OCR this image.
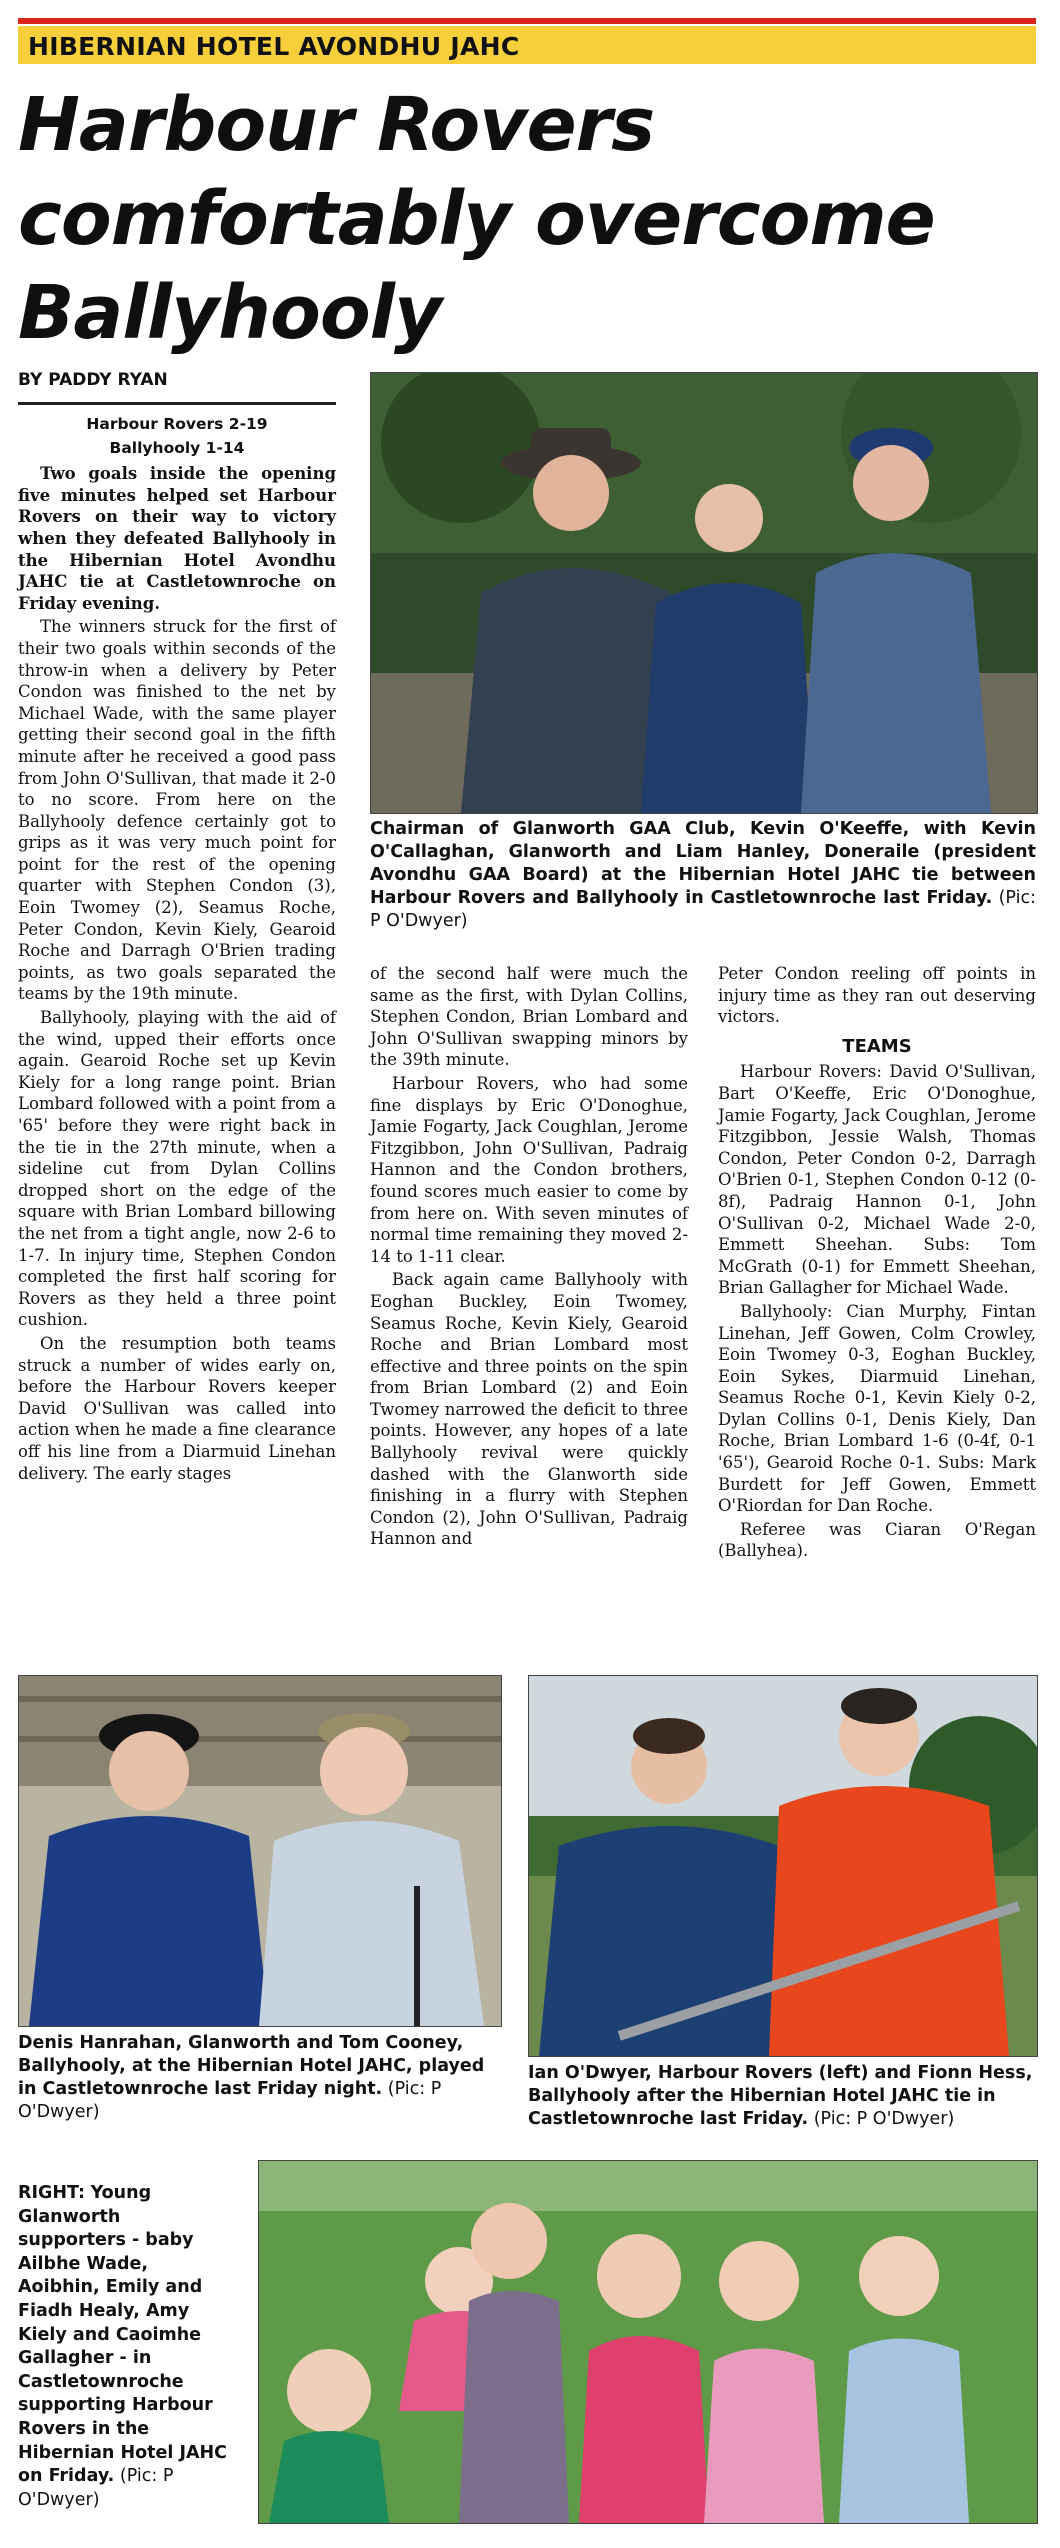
HIBERNIAN HOTEL AVONDHU JAHC
Harbour Rovers comfortably overcome Ballyhooly
BY PADDY RYAN

Harbour Rovers 2-19

Ballyhooly 1-14

Two goals inside the opening five minutes helped set Harbour Rovers on their way to victory when they defeated Ballyhooly in the Hibernian Hotel Avondhu JAHC tie at Castletownroche on Friday evening.

The winners struck for the first of their two goals within seconds of the throw-in when a delivery by Peter Condon was finished to the net by Michael Wade, with the same player getting their second goal in the fifth minute after he received a good pass from John O'Sullivan, that made it 2-0 to no score. From here on the Ballyhooly defence certainly got to grips as it was very much point for point for the rest of the opening quarter with Stephen Condon (3), Eoin Twomey (2), Seamus Roche, Peter Condon, Kevin Kiely, Gearoid Roche and Darragh O'Brien trading points, as two goals separated the teams by the 19th minute.

Ballyhooly, playing with the aid of the wind, upped their efforts once again. Gearoid Roche set up Kevin Kiely for a long range point. Brian Lombard followed with a point from a '65' before they were right back in the tie in the 27th minute, when a sideline cut from Dylan Collins dropped short on the edge of the square with Brian Lombard billowing the net from a tight angle, now 2-6 to 1-7. In injury time, Stephen Condon completed the first half scoring for Rovers as they held a three point cushion.

On the resumption both teams struck a number of wides early on, before the Harbour Rovers keeper David O'Sullivan was called into action when he made a fine clearance off his line from a Diarmuid Linehan delivery. The early stages

Chairman of Glanworth GAA Club, Kevin O'Keeffe, with Kevin O'Callaghan, Glanworth and Liam Hanley, Doneraile (president Avondhu GAA Board) at the Hibernian Hotel JAHC tie between Harbour Rovers and Ballyhooly in Castletownroche last Friday. (Pic: P O'Dwyer)

of the second half were much the same as the first, with Dylan Collins, Stephen Condon, Brian Lombard and John O'Sullivan swapping minors by the 39th minute.

Harbour Rovers, who had some fine displays by Eric O'Donoghue, Jamie Fogarty, Jack Coughlan, Jerome Fitzgibbon, John O'Sullivan, Padraig Hannon and the Condon brothers, found scores much easier to come by from here on. With seven minutes of normal time remaining they moved 2-14 to 1-11 clear.

Back again came Ballyhooly with Eoghan Buckley, Eoin Twomey, Seamus Roche, Kevin Kiely, Gearoid Roche and Brian Lombard most effective and three points on the spin from Brian Lombard (2) and Eoin Twomey narrowed the deficit to three points. However, any hopes of a late Ballyhooly revival were quickly dashed with the Glanworth side finishing in a flurry with Stephen Condon (2), John O'Sullivan, Padraig Hannon and

Peter Condon reeling off points in injury time as they ran out deserving victors.

TEAMS

Harbour Rovers: David O'Sullivan, Bart O'Keeffe, Eric O'Donoghue, Jamie Fogarty, Jack Coughlan, Jerome Fitzgibbon, Jessie Walsh, Thomas Condon, Peter Condon 0-2, Darragh O'Brien 0-1, Stephen Condon 0-12 (0-8f), Padraig Hannon 0-1, John O'Sullivan 0-2, Michael Wade 2-0, Emmett Sheehan. Subs: Tom McGrath (0-1) for Emmett Sheehan, Brian Gallagher for Michael Wade.

Ballyhooly: Cian Murphy, Fintan Linehan, Jeff Gowen, Colm Crowley, Eoin Twomey 0-3, Eoghan Buckley, Eoin Sykes, Diarmuid Linehan, Seamus Roche 0-1, Kevin Kiely 0-2, Dylan Collins 0-1, Denis Kiely, Dan Roche, Brian Lombard 1-6 (0-4f, 0-1 '65'), Gearoid Roche 0-1. Subs: Mark Burdett for Jeff Gowen, Emmett O'Riordan for Dan Roche.

Referee was Ciaran O'Regan (Ballyhea).

Denis Hanrahan, Glanworth and Tom Cooney, Ballyhooly, at the Hibernian Hotel JAHC, played in Castletownroche last Friday night. (Pic: P O'Dwyer)
Ian O'Dwyer, Harbour Rovers (left) and Fionn Hess, Ballyhooly after the Hibernian Hotel JAHC tie in Castletownroche last Friday. (Pic: P O'Dwyer)
RIGHT: Young Glanworth supporters - baby Ailbhe Wade, Aoibhin, Emily and Fiadh Healy, Amy Kiely and Caoimhe Gallagher - in Castletownroche supporting Harbour Rovers in the Hibernian Hotel JAHC on Friday. (Pic: P O'Dwyer)
